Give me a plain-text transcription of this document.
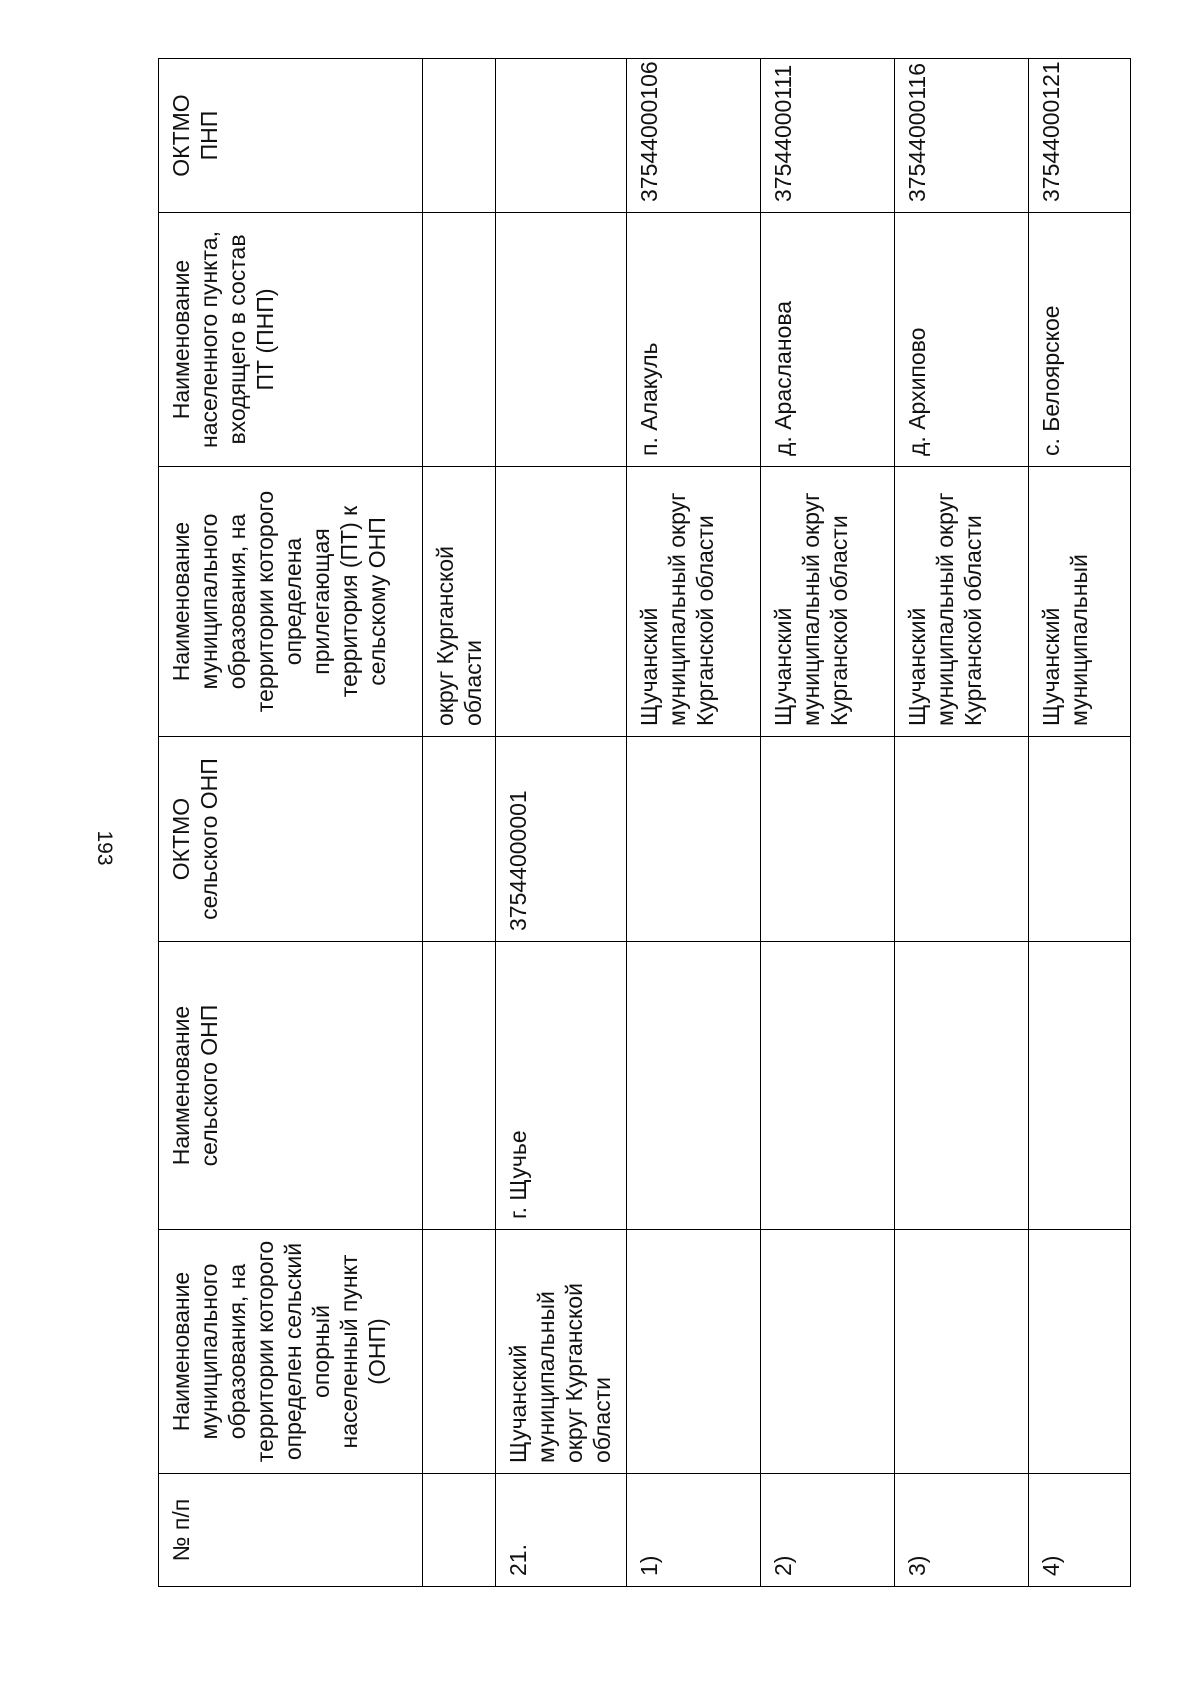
193
№ п/п	Наименование муниципального образования, на территории которого определен сельский опорный населенный пункт (ОНП)	Наименование сельского ОНП	ОКТМО сельского ОНП	Наименование муниципального образования, на территории которого определена прилегающая территория (ПТ) к сельскому ОНП	Наименование населенного пункта, входящего в состав ПТ (ПНП)	ОКТМО ПНП
				округ Курганской области		
21.	Щучанский муниципальный округ Курганской области	г. Щучье	37544000001			
1)				Щучанский муниципальный округ Курганской области	п. Алакуль	37544000106
2)				Щучанский муниципальный округ Курганской области	д. Арасланова	37544000111
3)				Щучанский муниципальный округ Курганской области	д. Архипово	37544000116
4)				Щучанский муниципальный	с. Белоярское	37544000121
